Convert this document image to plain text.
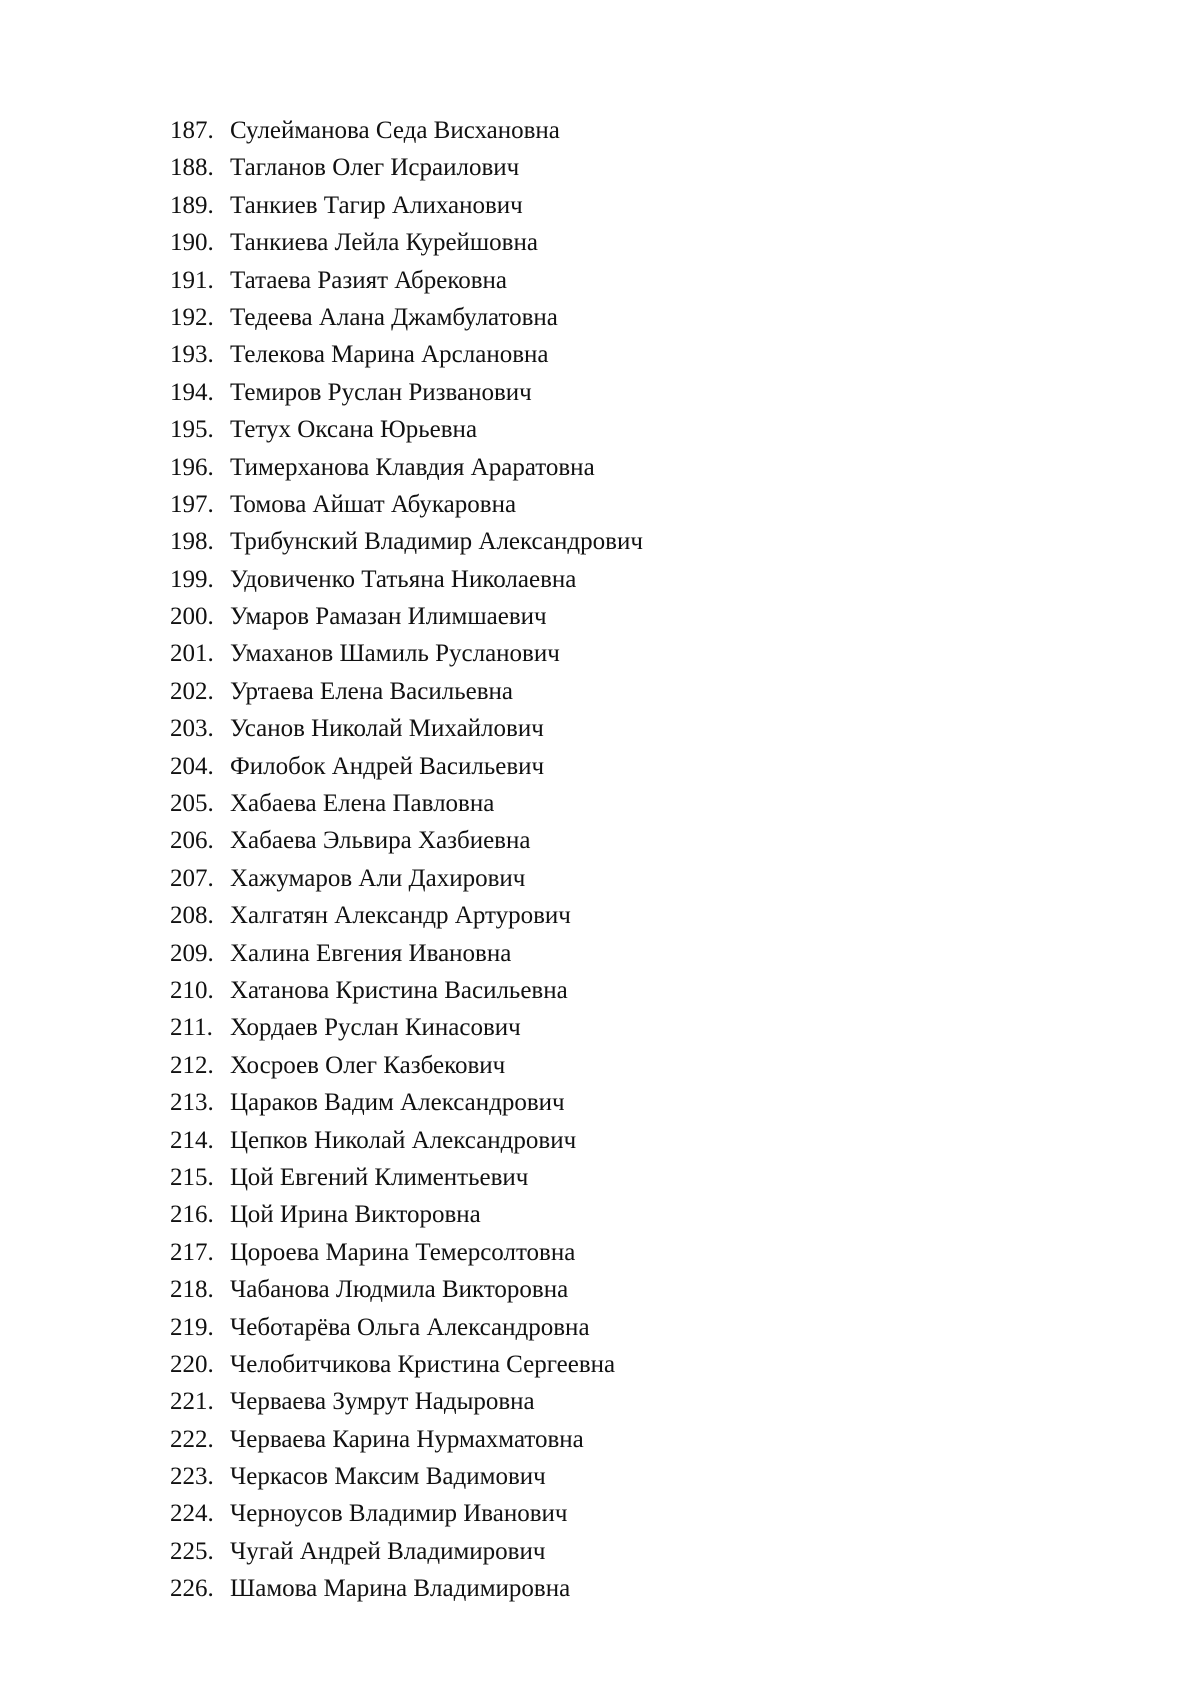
187. Сулейманова Седа Висхановна
188. Тагланов Олег Исраилович
189. Танкиев Тагир Алиханович
190. Танкиева Лейла Курейшовна
191. Татаева Разият Абрековна
192. Тедеева Алана Джамбулатовна
193. Телекова Марина Арслановна
194. Темиров Руслан Ризванович
195. Тетух Оксана Юрьевна
196. Тимерханова Клавдия Араратовна
197. Томова Айшат Абукаровна
198. Трибунский Владимир Александрович
199. Удовиченко Татьяна Николаевна
200. Умаров Рамазан Илимшаевич
201. Умаханов Шамиль Русланович
202. Уртаева Елена Васильевна
203. Усанов Николай Михайлович
204. Филобок Андрей Васильевич
205. Хабаева Елена Павловна
206. Хабаева Эльвира Хазбиевна
207. Хажумаров Али Дахирович
208. Халгатян Александр Артурович
209. Халина Евгения Ивановна
210. Хатанова Кристина Васильевна
211. Хордаев Руслан Кинасович
212. Хосроев Олег Казбекович
213. Цараков Вадим Александрович
214. Цепков Николай Александрович
215. Цой Евгений Климентьевич
216. Цой Ирина Викторовна
217. Цороева Марина Темерсолтовна
218. Чабанова Людмила Викторовна
219. Чеботарёва Ольга Александровна
220. Челобитчикова Кристина Сергеевна
221. Черваева Зумрут Надыровна
222. Черваева Карина Нурмахматовна
223. Черкасов Максим Вадимович
224. Черноусов Владимир Иванович
225. Чугай Андрей Владимирович
226. Шамова Марина Владимировна
